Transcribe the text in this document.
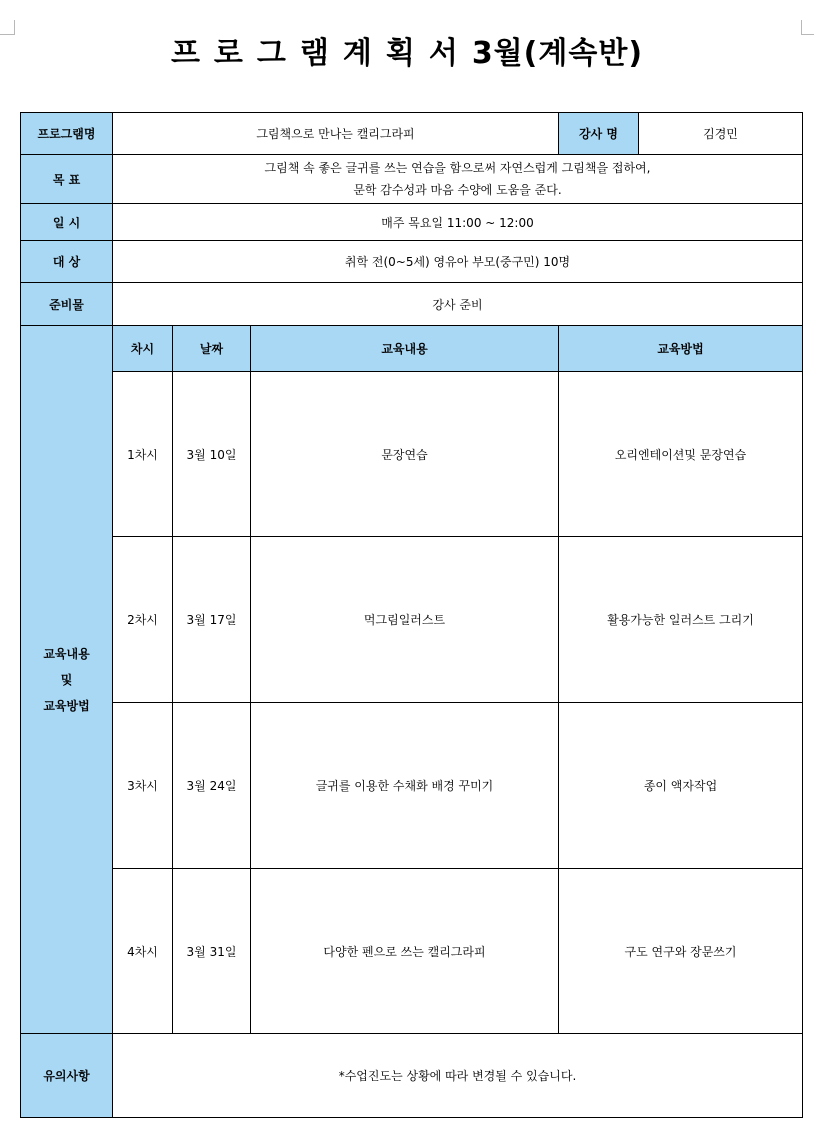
프로그램계획서3월(계속반)
프로그램명	그림책으로 만나는 캘리그라피			강사 명	김경민
목 표	그림책 속 좋은 글귀를 쓰는 연습을 함으로써 자연스럽게 그림책을 접하여,
문학 감수성과 마음 수양에 도움을 준다.				

일 시	매주 목요일 11:00 ~ 12:00				
대 상	취학 전(0~5세) 영유아 부모(중구민) 10명				
준비물	강사 준비				

교육내용
및
교육방법	차시	날짜	교육내용	교육방법	
	1차시	3월 10일	문장연습	오리엔테이션및 문장연습	
	2차시	3월 17일	먹그림일러스트	활용가능한 일러스트 그리기	
	3차시	3월 24일	글귀를 이용한 수채화 배경 꾸미기	종이 액자작업	
	4차시	3월 31일	다양한 펜으로 쓰는 캘리그라피	구도 연구와 장문쓰기	
유의사항	*수업진도는 상황에 따라 변경될 수 있습니다.				
